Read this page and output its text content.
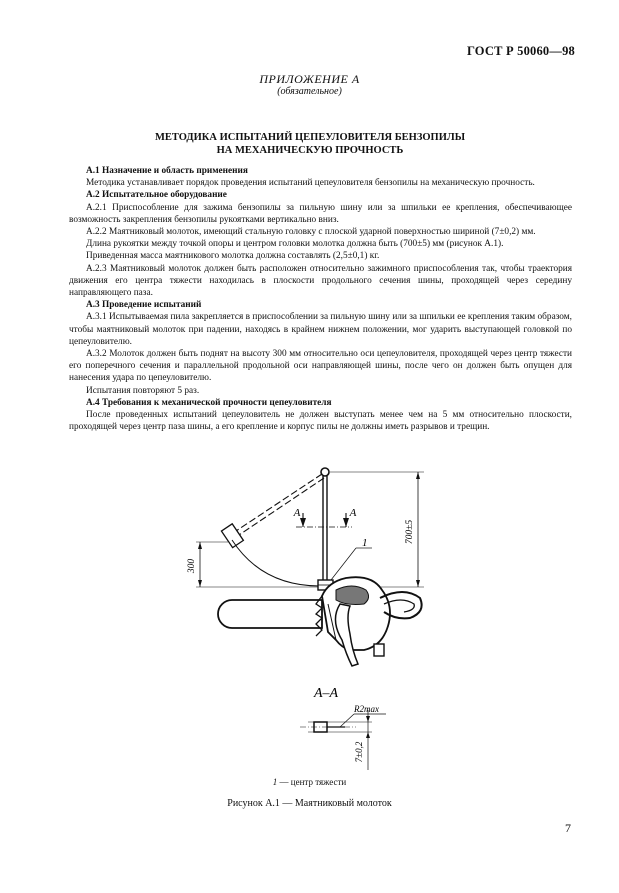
ГОСТ Р 50060—98
ПРИЛОЖЕНИЕ А
(обязательное)
МЕТОДИКА ИСПЫТАНИЙ ЦЕПЕУЛОВИТЕЛЯ БЕНЗОПИЛЫ
НА МЕХАНИЧЕСКУЮ ПРОЧНОСТЬ

А.1 Назначение и область применения

Методика устанавливает порядок проведения испытаний цепеуловителя бензопилы на механическую прочность.

А.2 Испытательное оборудование

А.2.1 Приспособление для зажима бензопилы за пильную шину или за шпильки ее крепления, обеспечивающее возможность закрепления бензопилы рукоятками вертикально вниз.

А.2.2 Маятниковый молоток, имеющий стальную головку с плоской ударной поверхностью шириной (7±0,2) мм.

Длина рукоятки между точкой опоры и центром головки молотка должна быть (700±5) мм (рисунок А.1).

Приведенная масса маятникового молотка должна составлять (2,5±0,1) кг.

А.2.3 Маятниковый молоток должен быть расположен относительно зажимного приспособления так, чтобы траектория движения его центра тяжести находилась в плоскости продольного сечения шины, проходящей через середину направляющего паза.

А.3 Проведение испытаний

А.3.1 Испытываемая пила закрепляется в приспособлении за пильную шину или за шпильки ее крепления таким образом, чтобы маятниковый молоток при падении, находясь в крайнем нижнем положении, мог ударить выступающей головкой по цепеуловителю.

А.3.2 Молоток должен быть поднят на высоту 300 мм относительно оси цепеуловителя, проходящей через центр тяжести его поперечного сечения и параллельной продольной оси направляющей шины, после чего он должен быть опущен для нанесения удара по цепеуловителю.

Испытания повторяют 5 раз.

А.4 Требования к механической прочности цепеуловителя

После проведенных испытаний цепеуловитель не должен выступать менее чем на 5 мм относительно плоскости, проходящей через центр паза шины, а его крепление и корпус пилы не должны иметь разрывов и трещин.

300
700±5
А	А
1
А–А
R2max
7±0,2
1 — центр тяжести
Рисунок А.1 — Маятниковый молоток
7
